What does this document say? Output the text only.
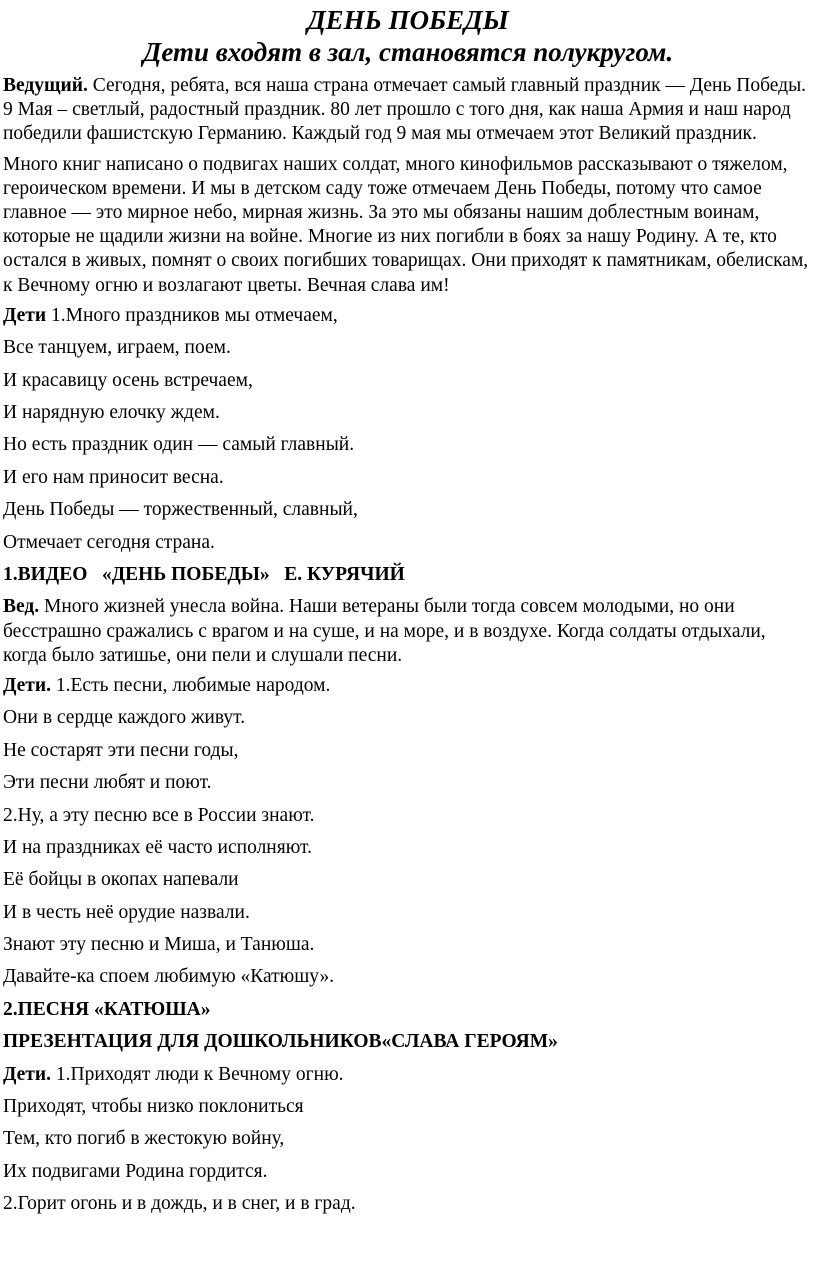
ДЕНЬ ПОБЕДЫ
Дети входят в зал, становятся полукругом.

Ведущий. Сегодня, ребята, вся наша страна отмечает самый главный праздник — День Победы. 9 Мая – светлый, радостный праздник. 80 лет прошло с того дня, как наша Армия и наш народ победили фашистскую Германию. Каждый год 9 мая мы отмечаем этот Великий праздник.

Много книг написано о подвигах наших солдат, много кинофильмов рассказывают о тяжелом, героическом времени. И мы в детском саду тоже отмечаем День Победы, потому что самое главное — это мирное небо, мирная жизнь. За это мы обязаны нашим доблестным воинам, которые не щадили жизни на войне. Многие из них погибли в боях за нашу Родину. А те, кто остался в живых, помнят о своих погибших товарищах. Они приходят к памятникам, обелискам, к Вечному огню и возлагают цветы. Вечная слава им!

Дети 1.Много праздников мы отмечаем,

Все танцуем, играем, поем.

И красавицу осень встречаем,

И нарядную елочку ждем.

Но есть праздник один — самый главный.

И его нам приносит весна.

День Победы — торжественный, славный,

Отмечает сегодня страна.

1.ВИДЕО   «ДЕНЬ ПОБЕДЫ»   Е. КУРЯЧИЙ

Вед. Много жизней унесла война. Наши ветераны были тогда совсем молодыми, но они бесстрашно сражались с врагом и на суше, и на море, и в воздухе. Когда солдаты отдыхали, когда было затишье, они пели и слушали песни.

Дети. 1.Есть песни, любимые народом.

Они в сердце каждого живут.

Не состарят эти песни годы,

Эти песни любят и поют.

2.Ну, а эту песню все в России знают.

И на праздниках её часто исполняют.

Её бойцы в окопах напевали

И в честь неё орудие назвали.

Знают эту песню и Миша, и Танюша.

Давайте-ка споем любимую «Катюшу».

2.ПЕСНЯ «КАТЮША»

ПРЕЗЕНТАЦИЯ ДЛЯ ДОШКОЛЬНИКОВ«СЛАВА ГЕРОЯМ»

Дети. 1.Приходят люди к Вечному огню.

Приходят, чтобы низко поклониться

Тем, кто погиб в жестокую войну,

Их подвигами Родина гордится.

2.Горит огонь и в дождь, и в снег, и в град.
